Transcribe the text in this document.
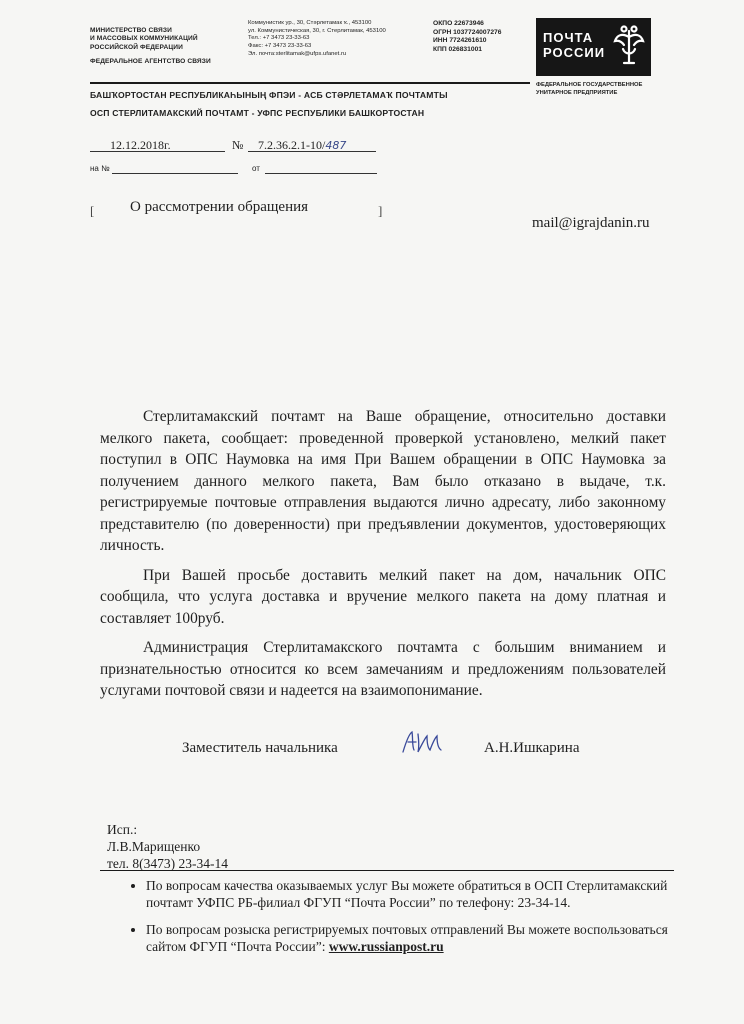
МИНИСТЕРСТВО СВЯЗИ
И МАССОВЫХ КОММУНИКАЦИЙ
РОССИЙСКОЙ ФЕДЕРАЦИИ
ФЕДЕРАЛЬНОЕ АГЕНТСТВО СВЯЗИ
Коммунистик ур., 30, Стәрлетамак ҡ., 453100
ул. Коммунистическая, 30, г. Стерлитамак, 453100
Тел.: +7 3473 23-33-63
Факс: +7 3473 23-33-63
Эл. почта:sterlitamak@ufps.ufanet.ru
ОКПО 22673946
ОГРН 1037724007276
ИНН 7724261610
КПП 026831001
ПОЧТА
РОССИИ
ФЕДЕРАЛЬНОЕ ГОСУДАРСТВЕННОЕ
УНИТАРНОЕ ПРЕДПРИЯТИЕ
БАШҠОРТОСТАН РЕСПУБЛИКАҺЫНЫҢ ФПЭИ - АСБ СТӘРЛЕТАМАҠ ПОЧТАМТЫ
ОСП СТЕРЛИТАМАКСКИЙ ПОЧТАМТ - УФПС РЕСПУБЛИКИ БАШКОРТОСТАН
12.12.2018г.	№ 7.2.36.2.1-10/487
на №	от
[ О рассмотрении обращения	]
mail@igrajdanin.ru

Стерлитамакский почтамт на Ваше обращение, относительно доставки мелкого пакета, сообщает: проведенной проверкой установлено, мелкий пакет поступил в ОПС Наумовка на имя При Вашем обращении в ОПС Наумовка за получением данного мелкого пакета, Вам было отказано в выдаче, т.к. регистрируемые почтовые отправления выдаются лично адресату, либо законному представителю (по доверенности) при предъявлении документов, удостоверяющих личность.

При Вашей просьбе доставить мелкий пакет на дом, начальник ОПС сообщила, что услуга доставка и вручение мелкого пакета на дому платная и составляет 100руб.

Администрация Стерлитамакского почтамта с большим вниманием и признательностью относится ко всем замечаниям и предложениям пользователей услугами почтовой связи и надеется на взаимопонимание.

Заместитель начальника	А.Н.Ишкарина
Исп.:
Л.В.Марищенко
тел. 8(3473) 23-34-14
• По вопросам качества оказываемых услуг Вы можете обратиться в ОСП Стерлитамакский почтамт УФПС РБ-филиал ФГУП “Почта России” по телефону: 23-34-14.
• По вопросам розыска регистрируемых почтовых отправлений Вы можете воспользоваться сайтом ФГУП “Почта России”: www.russianpost.ru
